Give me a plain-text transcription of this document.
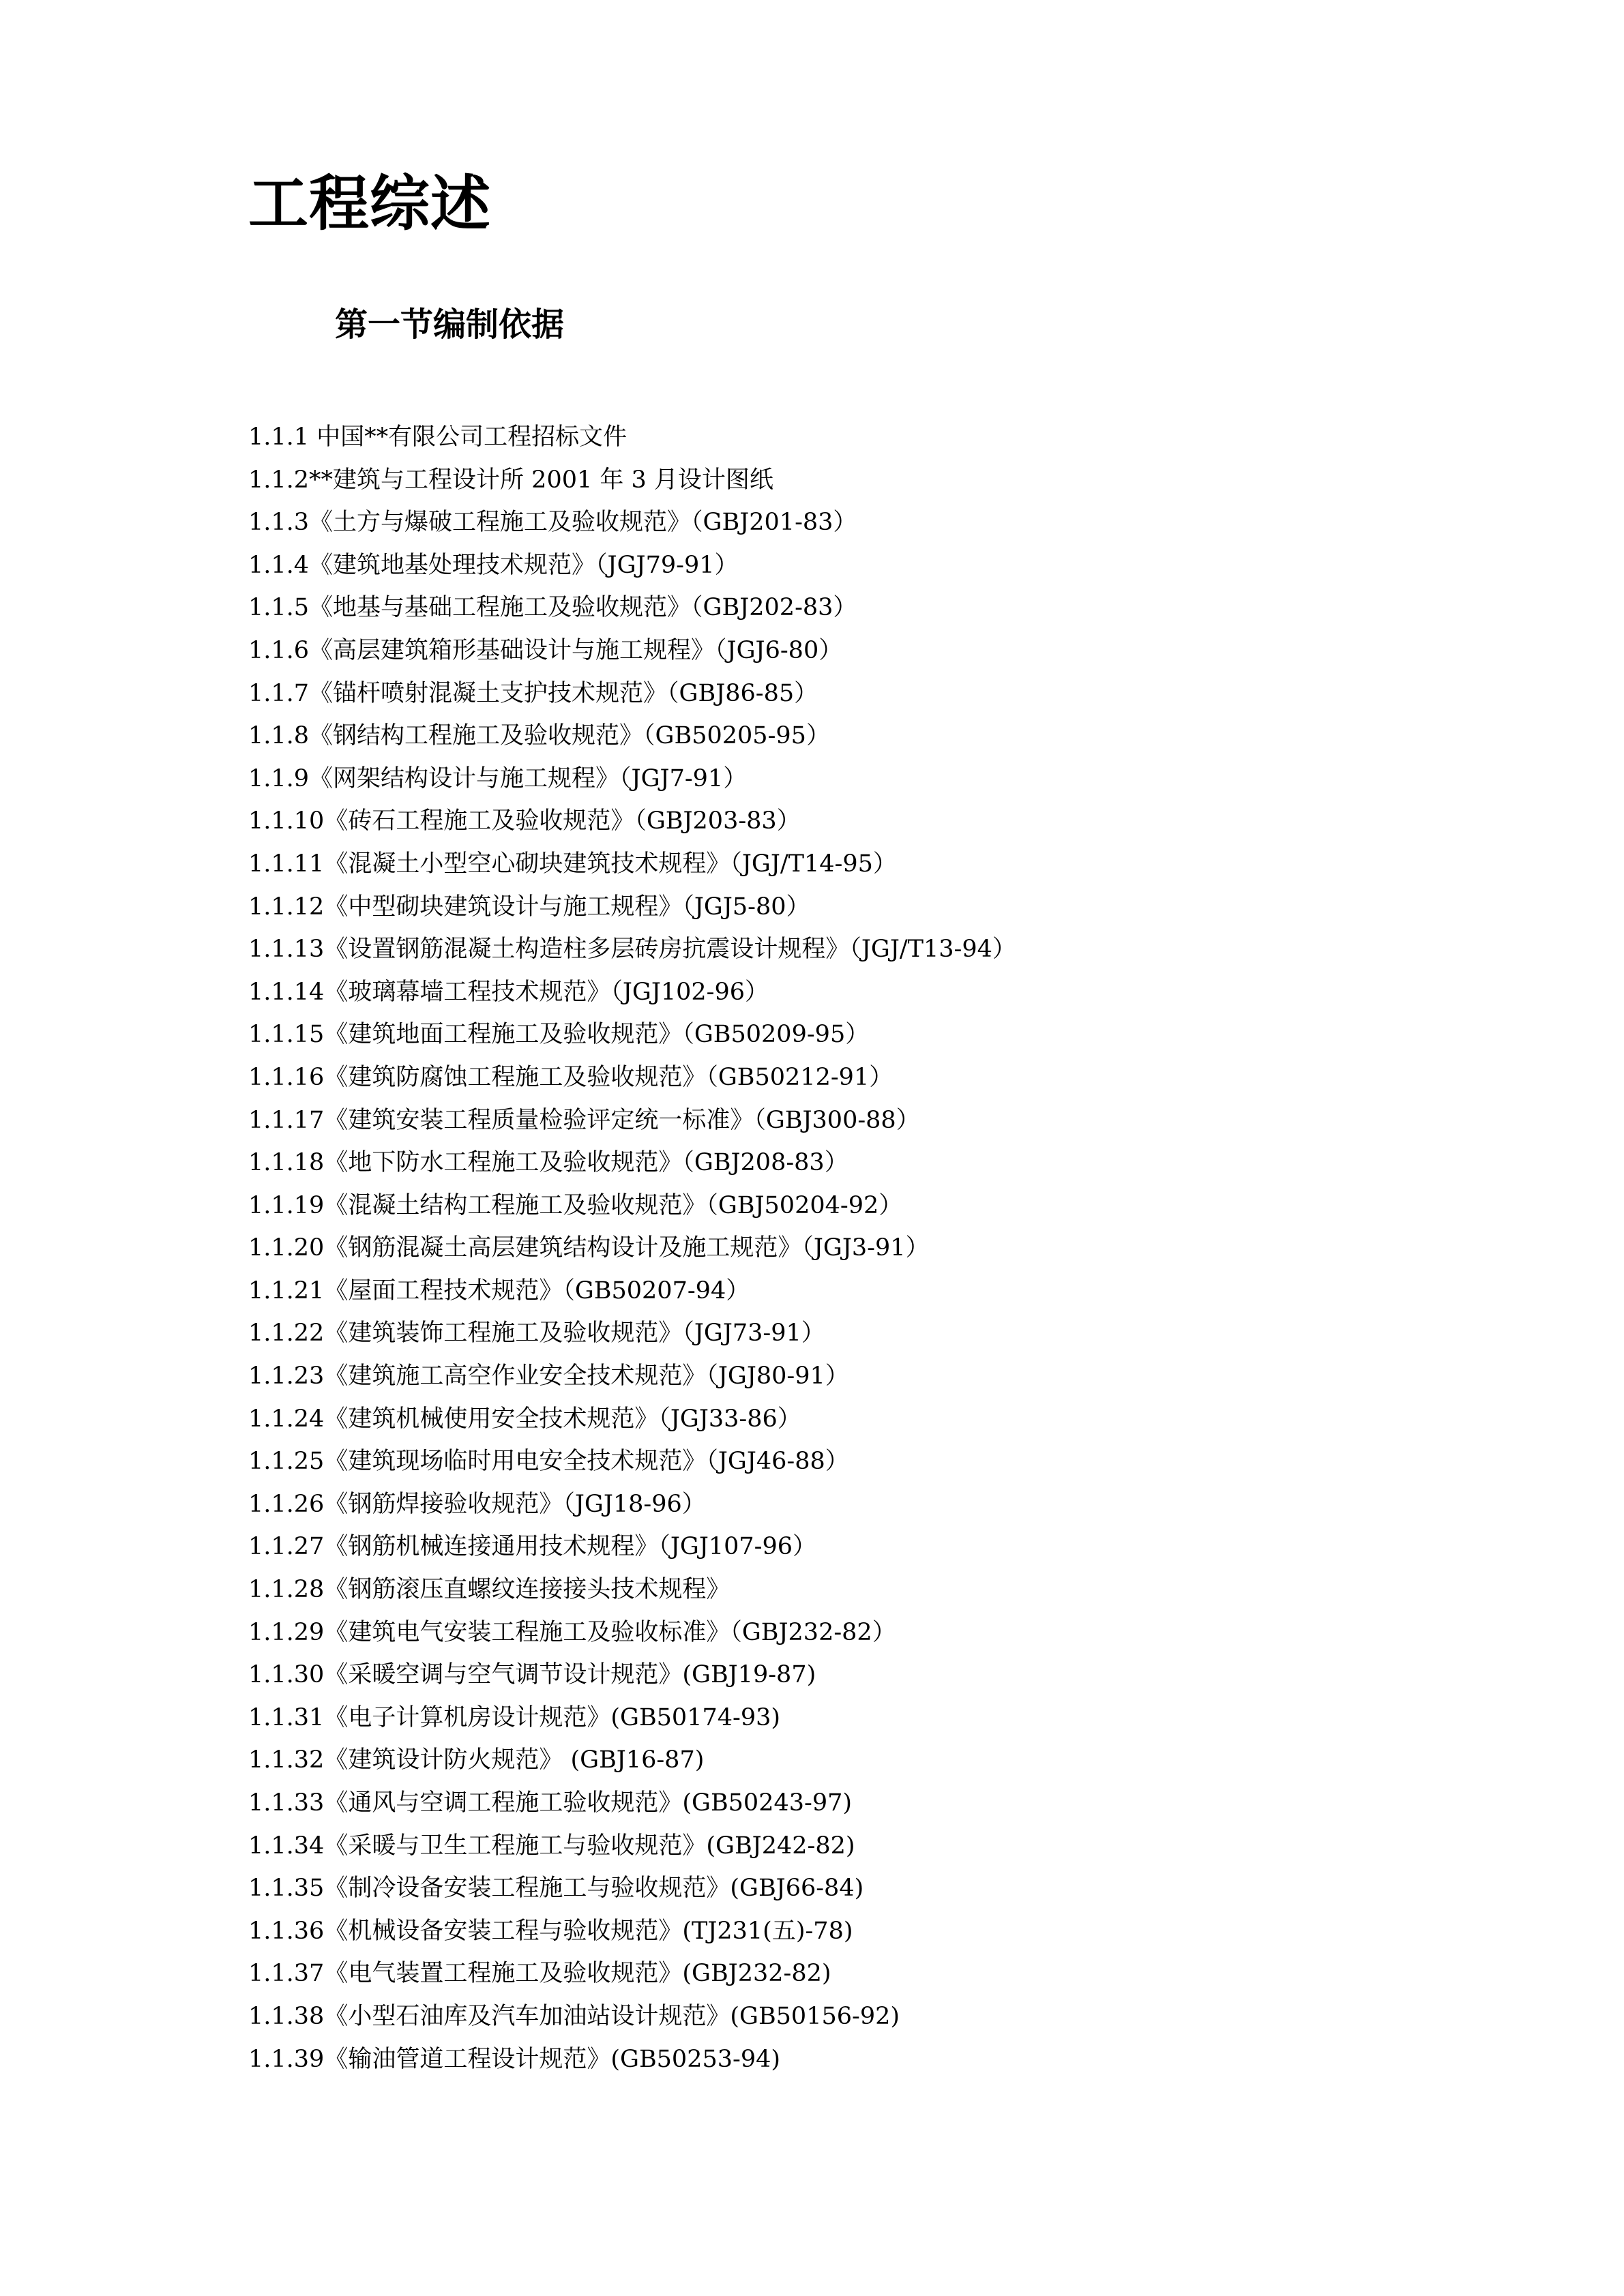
工程综述
第一节编制依据
1.1.1 中国**有限公司工程招标文件
1.1.2**建筑与工程设计所 2001 年 3 月设计图纸
1.1.3《土方与爆破工程施工及验收规范》（GBJ201-83）
1.1.4《建筑地基处理技术规范》（JGJ79-91）
1.1.5《地基与基础工程施工及验收规范》（GBJ202-83）
1.1.6《高层建筑箱形基础设计与施工规程》（JGJ6-80）
1.1.7《锚杆喷射混凝土支护技术规范》（GBJ86-85）
1.1.8《钢结构工程施工及验收规范》（GB50205-95）
1.1.9《网架结构设计与施工规程》（JGJ7-91）
1.1.10《砖石工程施工及验收规范》（GBJ203-83）
1.1.11《混凝土小型空心砌块建筑技术规程》（JGJ/T14-95）
1.1.12《中型砌块建筑设计与施工规程》（JGJ5-80）
1.1.13《设置钢筋混凝土构造柱多层砖房抗震设计规程》（JGJ/T13-94）
1.1.14《玻璃幕墙工程技术规范》（JGJ102-96）
1.1.15《建筑地面工程施工及验收规范》（GB50209-95）
1.1.16《建筑防腐蚀工程施工及验收规范》（GB50212-91）
1.1.17《建筑安装工程质量检验评定统一标准》（GBJ300-88）
1.1.18《地下防水工程施工及验收规范》（GBJ208-83）
1.1.19《混凝土结构工程施工及验收规范》（GBJ50204-92）
1.1.20《钢筋混凝土高层建筑结构设计及施工规范》（JGJ3-91）
1.1.21《屋面工程技术规范》（GB50207-94）
1.1.22《建筑装饰工程施工及验收规范》（JGJ73-91）
1.1.23《建筑施工高空作业安全技术规范》（JGJ80-91）
1.1.24《建筑机械使用安全技术规范》（JGJ33-86）
1.1.25《建筑现场临时用电安全技术规范》（JGJ46-88）
1.1.26《钢筋焊接验收规范》（JGJ18-96）
1.1.27《钢筋机械连接通用技术规程》（JGJ107-96）
1.1.28《钢筋滚压直螺纹连接接头技术规程》
1.1.29《建筑电气安装工程施工及验收标准》（GBJ232-82）
1.1.30《采暖空调与空气调节设计规范》(GBJ19-87)
1.1.31《电子计算机房设计规范》(GB50174-93)
1.1.32《建筑设计防火规范》 (GBJ16-87)
1.1.33《通风与空调工程施工验收规范》(GB50243-97)
1.1.34《采暖与卫生工程施工与验收规范》(GBJ242-82)
1.1.35《制冷设备安装工程施工与验收规范》(GBJ66-84)
1.1.36《机械设备安装工程与验收规范》(TJ231(五)-78)
1.1.37《电气装置工程施工及验收规范》(GBJ232-82)
1.1.38《小型石油库及汽车加油站设计规范》(GB50156-92)
1.1.39《输油管道工程设计规范》(GB50253-94)
